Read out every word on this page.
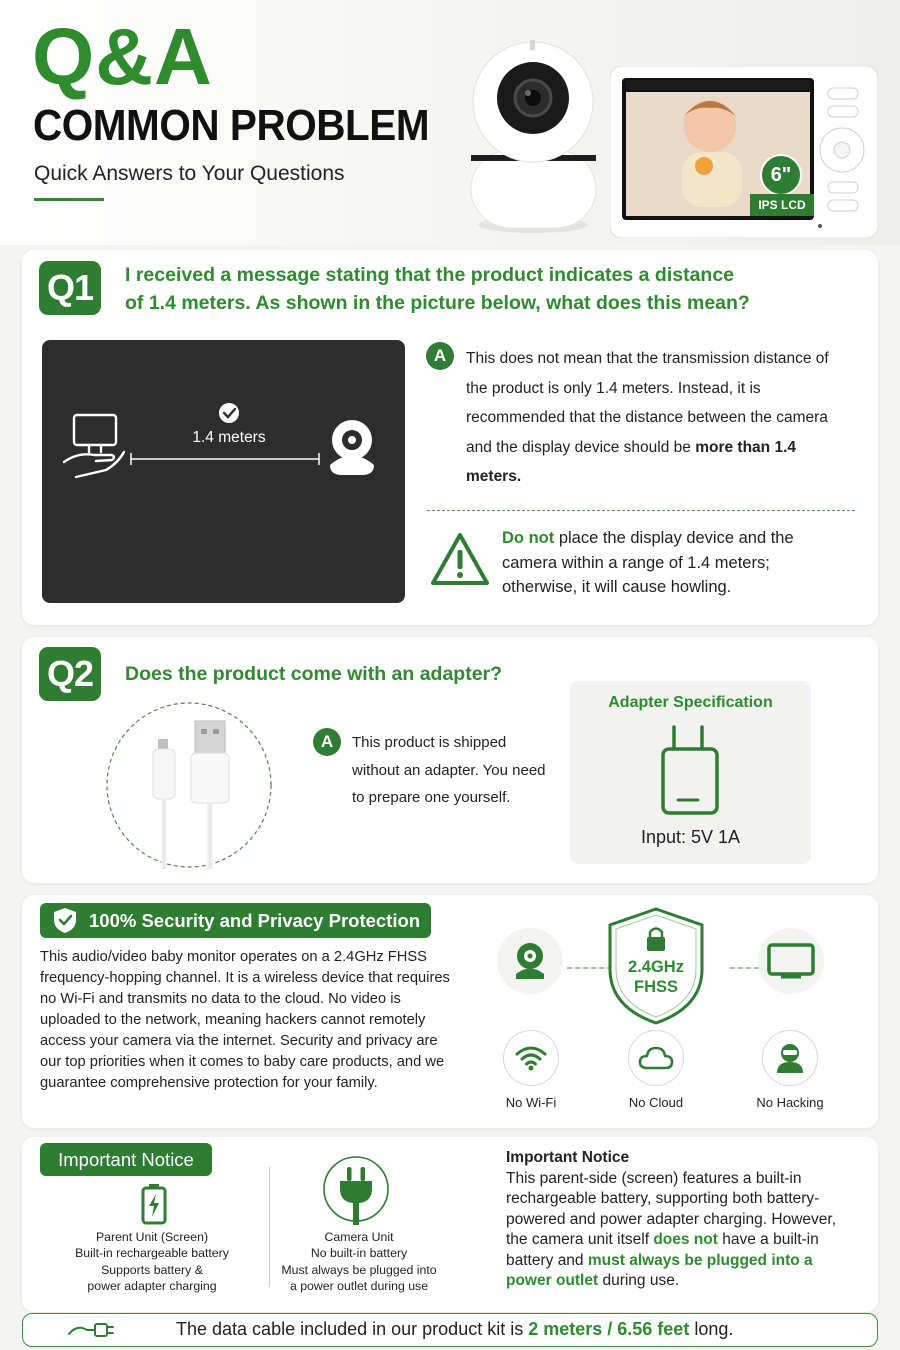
Q&A
COMMON PROBLEM
Quick Answers to Your Questions	6"
IPS LCD
Q1	I received a message stating that the product indicates a distance
of 1.4 meters. As shown in the picture below, what does this mean?
1.4 meters
A	This does not mean that the transmission distance of the product is only 1.4 meters. Instead, it is recommended that the distance between the camera and the display device should be more than 1.4 meters.
Do not place the display device and the camera within a range of 1.4 meters; otherwise, it will cause howling.
Q2	Does the product come with an adapter?
A	This product is shipped without an adapter. You need to prepare one yourself.
Adapter Specification
Input: 5V 1A
100% Security and Privacy Protection
This audio/video baby monitor operates on a 2.4GHz FHSS frequency-hopping channel. It is a wireless device that requires no Wi-Fi and transmits no data to the cloud. No video is uploaded to the network, meaning hackers cannot remotely access your camera via the internet. Security and privacy are our top priorities when it comes to baby care products, and we guarantee comprehensive protection for your family.
2.4GHz
FHSS
No Wi-Fi	No Cloud	No Hacking
Important Notice
Parent Unit (Screen)
Built-in rechargeable battery
Supports battery &
power adapter charging
Camera Unit
No built-in battery
Must always be plugged into
a power outlet during use
Important Notice
This parent-side (screen) features a built-in rechargeable battery, supporting both battery-powered and power adapter charging. However, the camera unit itself does not have a built-in battery and must always be plugged into a power outlet during use.
The data cable included in our product kit is 2 meters / 6.56 feet long.
